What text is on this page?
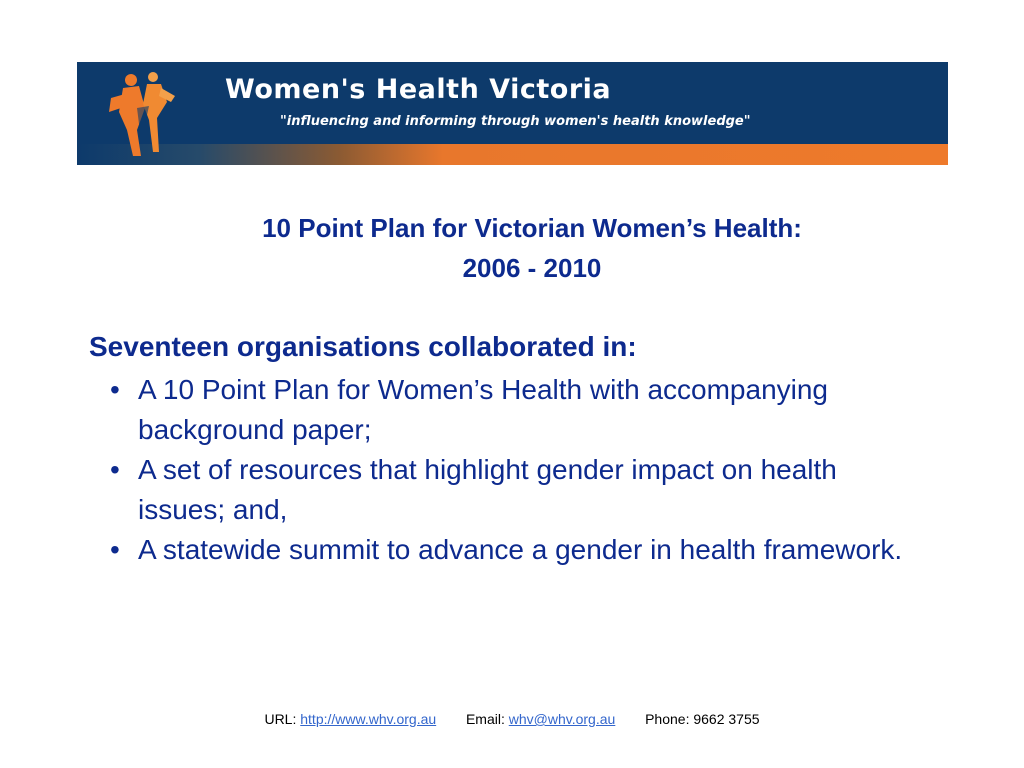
Women's Health Victoria
"influencing and informing through women's health knowledge"
10 Point Plan for Victorian Women’s Health:
2006 - 2010
Seventeen organisations collaborated in:
• A 10 Point Plan for Women’s Health with accompanying background paper;
• A set of resources that highlight gender impact on health issues; and,
• A statewide summit to advance a gender in health framework.
URL: http://www.whv.org.au Email: whv@whv.org.au Phone: 9662 3755
